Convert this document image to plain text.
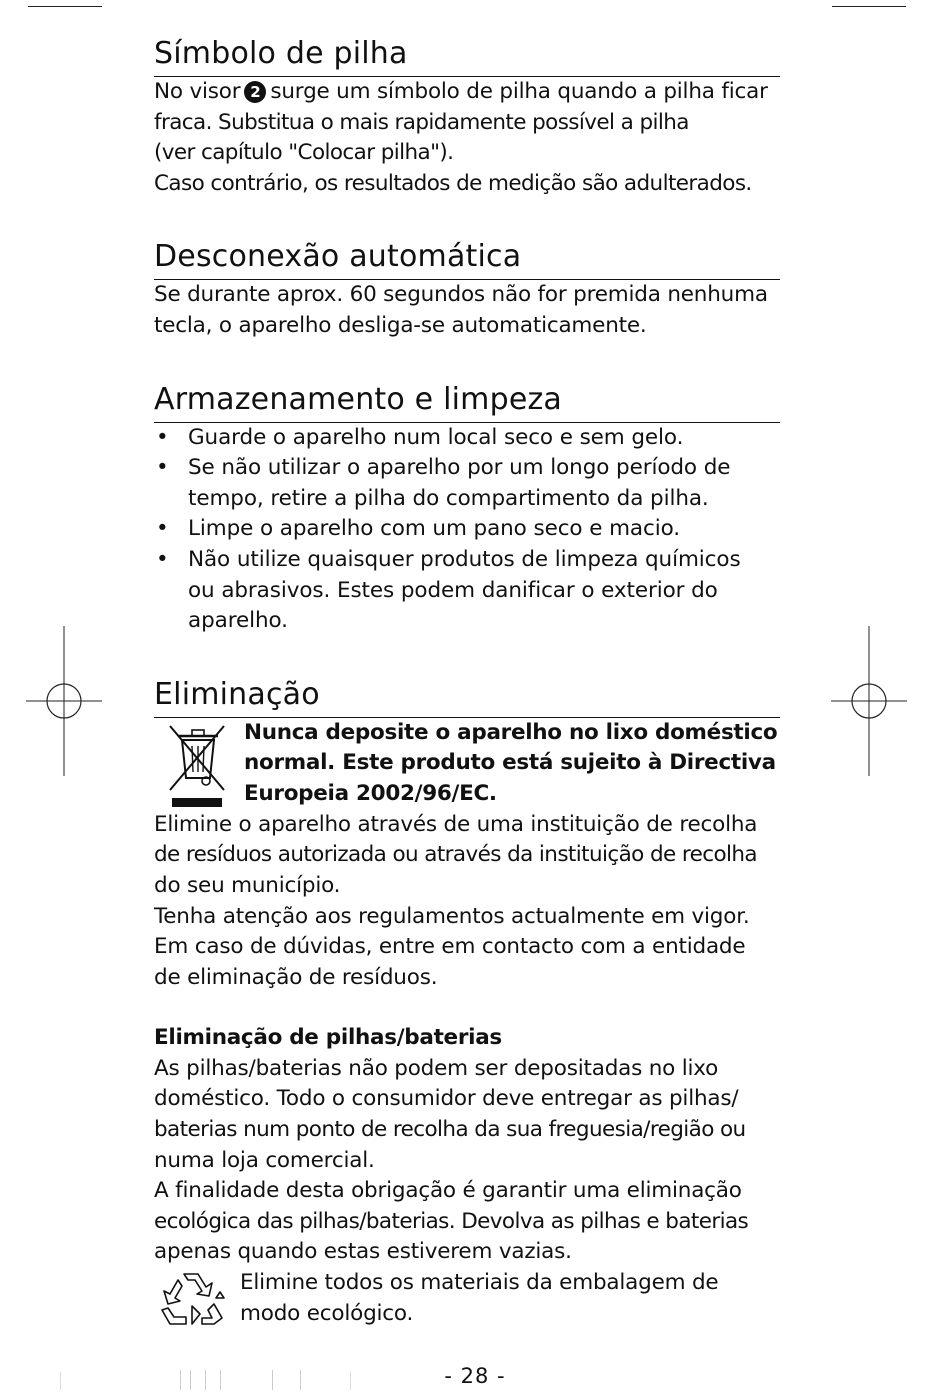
Símbolo de pilha

No visor 2 surge um símbolo de pilha quando a pilha ficar
fraca. Substitua o mais rapidamente possível a pilha
(ver capítulo "Colocar pilha").
Caso contrário, os resultados de medição são adulterados.

Desconexão automática

Se durante aprox. 60 segundos não for premida nenhuma
tecla, o aparelho desliga-se automaticamente.

Armazenamento e limpeza
• Guarde o aparelho num local seco e sem gelo.
• Se não utilizar o aparelho por um longo período de
tempo, retire a pilha do compartimento da pilha.
• Limpe o aparelho com um pano seco e macio.
• Não utilize quaisquer produtos de limpeza químicos
ou abrasivos. Estes podem danificar o exterior do
aparelho.
Eliminação
Nunca deposite o aparelho no lixo doméstico
normal. Este produto está sujeito à Directiva
Europeia 2002/96/EC.

Elimine o aparelho através de uma instituição de recolha
de resíduos autorizada ou através da instituição de recolha
do seu município.
Tenha atenção aos regulamentos actualmente em vigor.
Em caso de dúvidas, entre em contacto com a entidade
de eliminação de resíduos.

Eliminação de pilhas/baterias

As pilhas/baterias não podem ser depositadas no lixo
doméstico. Todo o consumidor deve entregar as pilhas/
baterias num ponto de recolha da sua freguesia/região ou
numa loja comercial.
A finalidade desta obrigação é garantir uma eliminação
ecológica das pilhas/baterias. Devolva as pilhas e baterias
apenas quando estas estiverem vazias.

Elimine todos os materiais da embalagem de
modo ecológico.

- 28 -
